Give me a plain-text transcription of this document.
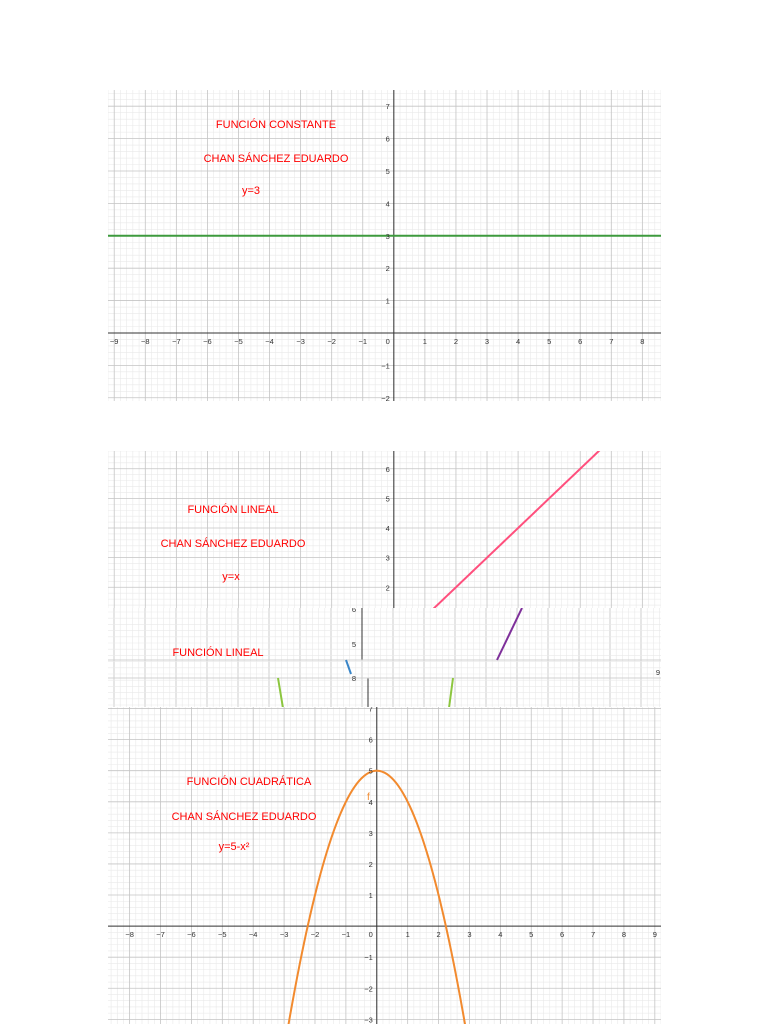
−9	−8	−7	−6	−5	−4	−3	−2	−1	1	2	3	4	5	6	7	8
0
−2
−1
1
2
3
4
5
6
7
FUNCIÓN CONSTANTE
CHAN SÁNCHEZ EDUARDO
y=3
2
3
4
5
6
FUNCIÓN LINEAL
CHAN SÁNCHEZ EDUARDO
y=x
6
5
8
9
FUNCIÓN LINEAL
−8	−7	−6	−5	−4	−3	−2	−1	1	2	3	4	5	6	7	8	9
0
−3
−2
−1
1
2
3
4
5
6
7
FUNCIÓN CUADRÁTICA
CHAN SÁNCHEZ EDUARDO
y=5-x²
f
